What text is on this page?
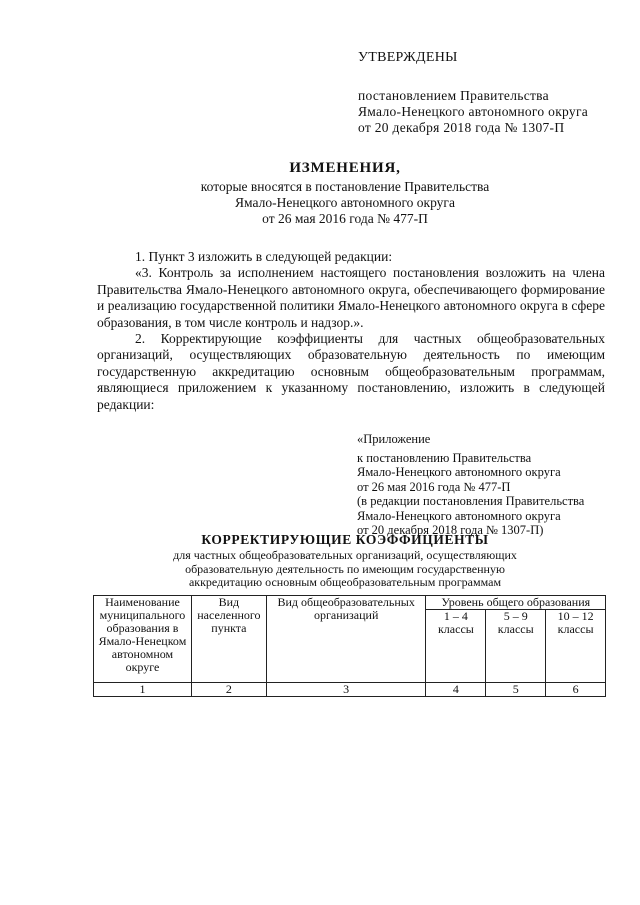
УТВЕРЖДЕНЫ
постановлением Правительства
Ямало-Ненецкого автономного округа
от 20 декабря 2018 года № 1307-П
ИЗМЕНЕНИЯ,
которые вносятся в постановление Правительства
Ямало-Ненецкого автономного округа
от 26 мая 2016 года № 477-П

1. Пункт 3 изложить в следующей редакции:

«3. Контроль за исполнением настоящего постановления возложить на члена Правительства Ямало-Ненецкого автономного округа, обеспечивающего формирование и реализацию государственной политики Ямало-Ненецкого автономного округа в сфере образования, в том числе контроль и надзор.».

2. Корректирующие коэффициенты для частных общеобразовательных организаций, осуществляющих образовательную деятельность по имеющим государственную аккредитацию основным общеобразовательным программам, являющиеся приложением к указанному постановлению, изложить в следующей редакции:

«Приложение
к постановлению Правительства
Ямало-Ненецкого автономного округа
от 26 мая 2016 года № 477-П
(в редакции постановления Правительства
Ямало-Ненецкого автономного округа
от 20 декабря 2018 года № 1307-П)
КОРРЕКТИРУЮЩИЕ КОЭФФИЦИЕНТЫ
для частных общеобразовательных организаций, осуществляющих
образовательную деятельность по имеющим государственную
аккредитацию основным общеобразовательным программам
Наименование муниципального образования в Ямало-Ненецком автономном округе	Вид населенного пункта	Вид общеобразовательных организаций	Уровень общего образования		
			1 – 4 классы	5 – 9 классы	10 – 12 классы
1	2	3	4	5	6
